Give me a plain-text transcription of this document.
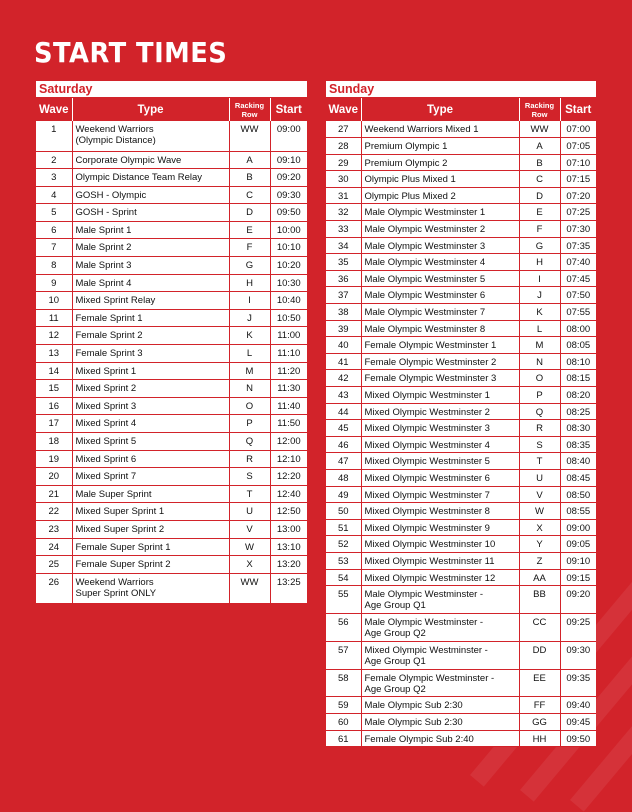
START TIMES
Saturday
Wave	Type	Racking
Row	Start
1	Weekend Warriors
(Olympic Distance)	WW	09:00
2	Corporate Olympic Wave	A	09:10
3	Olympic Distance Team Relay	B	09:20
4	GOSH - Olympic	C	09:30
5	GOSH - Sprint	D	09:50
6	Male Sprint 1	E	10:00
7	Male Sprint 2	F	10:10
8	Male Sprint 3	G	10:20
9	Male Sprint 4	H	10:30
10	Mixed Sprint Relay	I	10:40
11	Female Sprint 1	J	10:50
12	Female Sprint 2	K	11:00
13	Female Sprint 3	L	11:10
14	Mixed Sprint 1	M	11:20
15	Mixed Sprint 2	N	11:30
16	Mixed Sprint 3	O	11:40
17	Mixed Sprint 4	P	11:50
18	Mixed Sprint 5	Q	12:00
19	Mixed Sprint 6	R	12:10
20	Mixed Sprint 7	S	12:20
21	Male Super Sprint	T	12:40
22	Mixed Super Sprint 1	U	12:50
23	Mixed Super Sprint 2	V	13:00
24	Female Super Sprint 1	W	13:10
25	Female Super Sprint 2	X	13:20
26	Weekend Warriors
Super Sprint ONLY	WW	13:25
Sunday
Wave	Type	Racking
Row	Start
27	Weekend Warriors Mixed 1	WW	07:00
28	Premium Olympic 1	A	07:05
29	Premium Olympic 2	B	07:10
30	Olympic Plus Mixed 1	C	07:15
31	Olympic Plus Mixed 2	D	07:20
32	Male Olympic Westminster 1	E	07:25
33	Male Olympic Westminster 2	F	07:30
34	Male Olympic Westminster 3	G	07:35
35	Male Olympic Westminster 4	H	07:40
36	Male Olympic Westminster 5	I	07:45
37	Male Olympic Westminster 6	J	07:50
38	Male Olympic Westminster 7	K	07:55
39	Male Olympic Westminster 8	L	08:00
40	Female Olympic Westminster 1	M	08:05
41	Female Olympic Westminster 2	N	08:10
42	Female Olympic Westminster 3	O	08:15
43	Mixed Olympic Westminster 1	P	08:20
44	Mixed Olympic Westminster 2	Q	08:25
45	Mixed Olympic Westminster 3	R	08:30
46	Mixed Olympic Westminster 4	S	08:35
47	Mixed Olympic Westminster 5	T	08:40
48	Mixed Olympic Westminster 6	U	08:45
49	Mixed Olympic Westminster 7	V	08:50
50	Mixed Olympic Westminster 8	W	08:55
51	Mixed Olympic Westminster 9	X	09:00
52	Mixed Olympic Westminster 10	Y	09:05
53	Mixed Olympic Westminster 11	Z	09:10
54	Mixed Olympic Westminster 12	AA	09:15
55	Male Olympic Westminster -
Age Group Q1	BB	09:20
56	Male Olympic Westminster -
Age Group Q2	CC	09:25
57	Mixed Olympic Westminster -
Age Group Q1	DD	09:30
58	Female Olympic Westminster -
Age Group Q2	EE	09:35
59	Male Olympic Sub 2:30	FF	09:40
60	Male Olympic Sub 2:30	GG	09:45
61	Female Olympic Sub 2:40	HH	09:50
